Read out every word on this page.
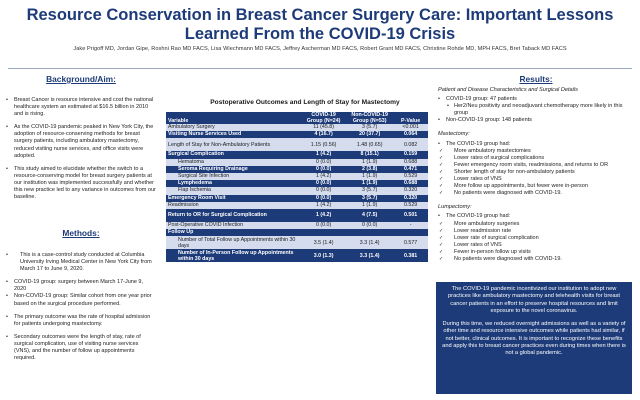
Resource Conservation in Breast Cancer Surgery Care: Important Lessons Learned From the COVID-19 Crisis
Jake Prigoff MD, Jordan Gipe, Roshni Rao MD FACS, Lisa Wiechmann MD FACS, Jeffrey Ascherman MD FACS, Robert Grant MD FACS, Christine Rohde MD, MPH FACS, Bret Taback MD FACS
Background/Aim:
• Breast Cancer is resource intensive and cost the national healthcare system an estimated at $16.5 billion in 2010 and is rising.
• As the COVID-19 pandemic peaked in New York City, the adoption of resource-conserving methods for breast surgery patients, including ambulatory mastectomy, reduced visiting nurse services, and office visits were adopted.
• This study aimed to elucidate whether the switch to a resource-conserving model for breast surgery patients at our institution was implemented successfully and whether this new practice led to any variance in outcomes from our baseline.
Methods:
• This is a case-control study conducted at Columbia University Irving Medical Center in New York City from March 17 to June 9, 2020.
• COVID-19 group: surgery between March 17-June 9, 2020
• Non-COVID-19 group: Similar cohort from one year prior based on the surgical procedure performed.
• The primary outcome was the rate of hospital admission for patients undergoing mastectomy.
• Secondary outcomes were the length of stay, rate of surgical complication, use of visiting nurse services (VNS), and the number of follow up appointments required.
Postoperative Outcomes and Length of Stay for Mastectomy
Variable	COVID-19 Group (N=24)	Non-COVID-19 Group (N=53)	P-Value
Ambulatory Surgery	11 (45.8)	3 (5.7)	<0.001
Visiting Nurse Services Used	4 (16.7)	20 (37.7)	0.064
Length of Stay for Non-Ambulatory Patients	1.15 (0.56)	1.48 (0.65)	0.082
Surgical Complication	1 (4.2)	8 (15.1)	0.159
Hematoma	0 (0.0)	1 (1.9)	0.688
Seroma Requiring Drainage	0 (0.0)	2 (3.8)	0.471
Surgical Site Infection	1 (4.2)	1 (1.9)	0.529
Lymphedema	0 (0.0)	1 (1.9)	0.688
Flap Ischemia	0 (0.0)	3 (5.7)	0.320
Emergency Room Visit	0 (0.0)	3 (5.7)	0.320
Readmission	1 (4.2)	1 (1.9)	0.529
Return to OR for Surgical Complication	1 (4.2)	4 (7.5)	0.501
Post-Operative COVID Infection	0 (0.0)	0 (0.0)	-
Follow Up			
Number of Total Follow up Appointments within 30 days	3.5 (1.4)	3.3 (1.4)	0.577
Number of In-Person Follow up Appointments within 30 days	3.0 (1.3)	3.3 (1.4)	0.381
Results:
Patient and Disease Characteristics and Surgical Details
• COVID-19 group: 47 patients
• Her2/Neu positivity and neoadjuvant chemotherapy more likely in this group
• Non-COVID-19 group: 148 patients
Mastectomy:
• The COVID-19 group had:
✓ More ambulatory mastectomies
✓ Lower rates of surgical complications
✓ Fewer emergency room visits, readmissions, and returns to OR
✓ Shorter length of stay for non-ambulatory patients
✓ Lower rates of VNS
✓ More follow up appointments, but fewer were in-person
✓ No patients were diagnosed with COVID-19.
Lumpectomy:
• The COVID-19 group had:
✓ More ambulatory surgeries
✓ Lower readmission rate
✓ Lower rate of surgical complication
✓ Lower rates of VNS
✓ Fewer in-person follow up visits
✓ No patients were diagnosed with COVID-19.

The COVID-19 pandemic incentivized our institution to adopt new practices like ambulatory mastectomy and telehealth visits for breast cancer patients in an effort to preserve hospital resources and limit exposure to the novel coronavirus.

During this time, we reduced overnight admissions as well as a variety of other time and resource intensive outcomes while patients had similar, if not better, clinical outcomes. It is important to recognize these benefits and apply this to breast cancer practices even during times when there is not a global pandemic.
